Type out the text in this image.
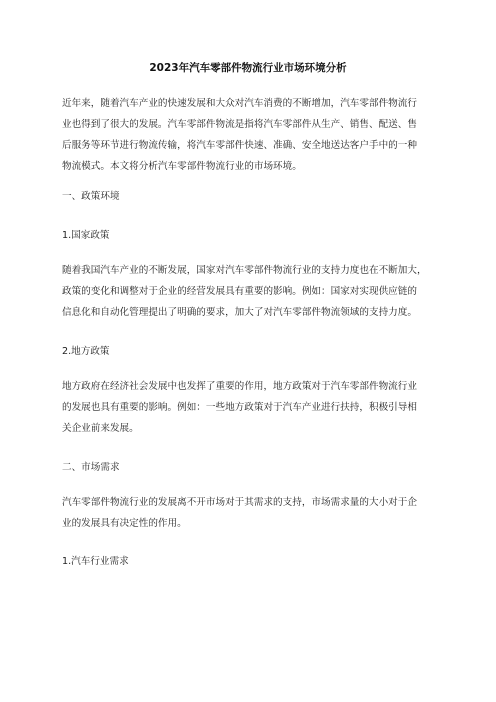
2023年汽车零部件物流行业市场环境分析
近年来，随着汽车产业的快速发展和大众对汽车消费的不断增加，汽车零部件物流行
业也得到了很大的发展。汽车零部件物流是指将汽车零部件从生产、销售、配送、售
后服务等环节进行物流传输，将汽车零部件快速、准确、安全地送达客户手中的一种
物流模式。本文将分析汽车零部件物流行业的市场环境。
一、政策环境
1.国家政策
随着我国汽车产业的不断发展，国家对汽车零部件物流行业的支持力度也在不断加大，
政策的变化和调整对于企业的经营发展具有重要的影响。例如：国家对实现供应链的
信息化和自动化管理提出了明确的要求，加大了对汽车零部件物流领域的支持力度。
2.地方政策
地方政府在经济社会发展中也发挥了重要的作用，地方政策对于汽车零部件物流行业
的发展也具有重要的影响。例如：一些地方政策对于汽车产业进行扶持，积极引导相
关企业前来发展。
二、市场需求
汽车零部件物流行业的发展离不开市场对于其需求的支持，市场需求量的大小对于企
业的发展具有决定性的作用。
1.汽车行业需求
